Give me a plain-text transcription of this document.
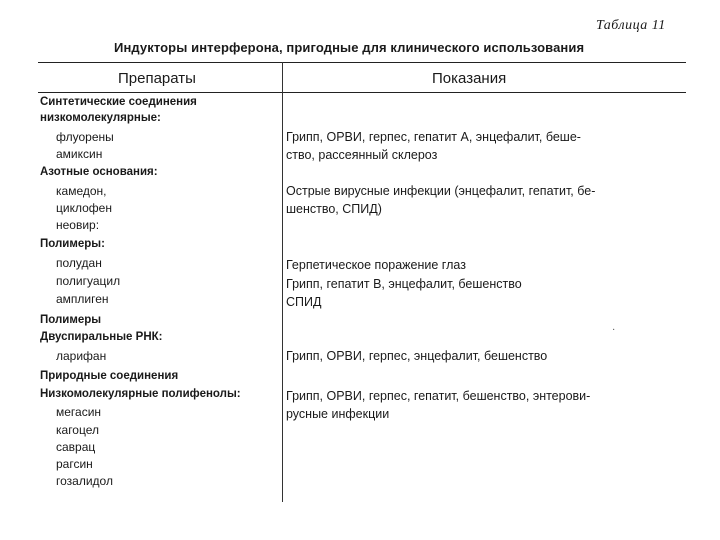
Таблица 11
Индукторы интерферона, пригодные для клинического использования
Препараты	Показания
Синтетические соединения
низкомолекулярные:
флуорены
амиксин
Азотные основания:
камедон,
циклофен
неовир:
Полимеры:
полудан
полигуацил
амплиген
Полимеры
Двуспиральные РНК:
ларифан
Природные соединения
Низкомолекулярные полифенолы:
мегасин
кагоцел
саврац
рагсин
гозалидол
Грипп, ОРВИ, герпес, гепатит А, энцефалит, беше-
ство, рассеянный склероз
Острые вирусные инфекции (энцефалит, гепатит, бе-
шенство, СПИД)
Герпетическое поражение глаз
Грипп, гепатит В, энцефалит, бешенство
СПИД
Грипп, ОРВИ, герпес, энцефалит, бешенство
Грипп, ОРВИ, герпес, гепатит, бешенство, энтерови-
русные инфекции
·
